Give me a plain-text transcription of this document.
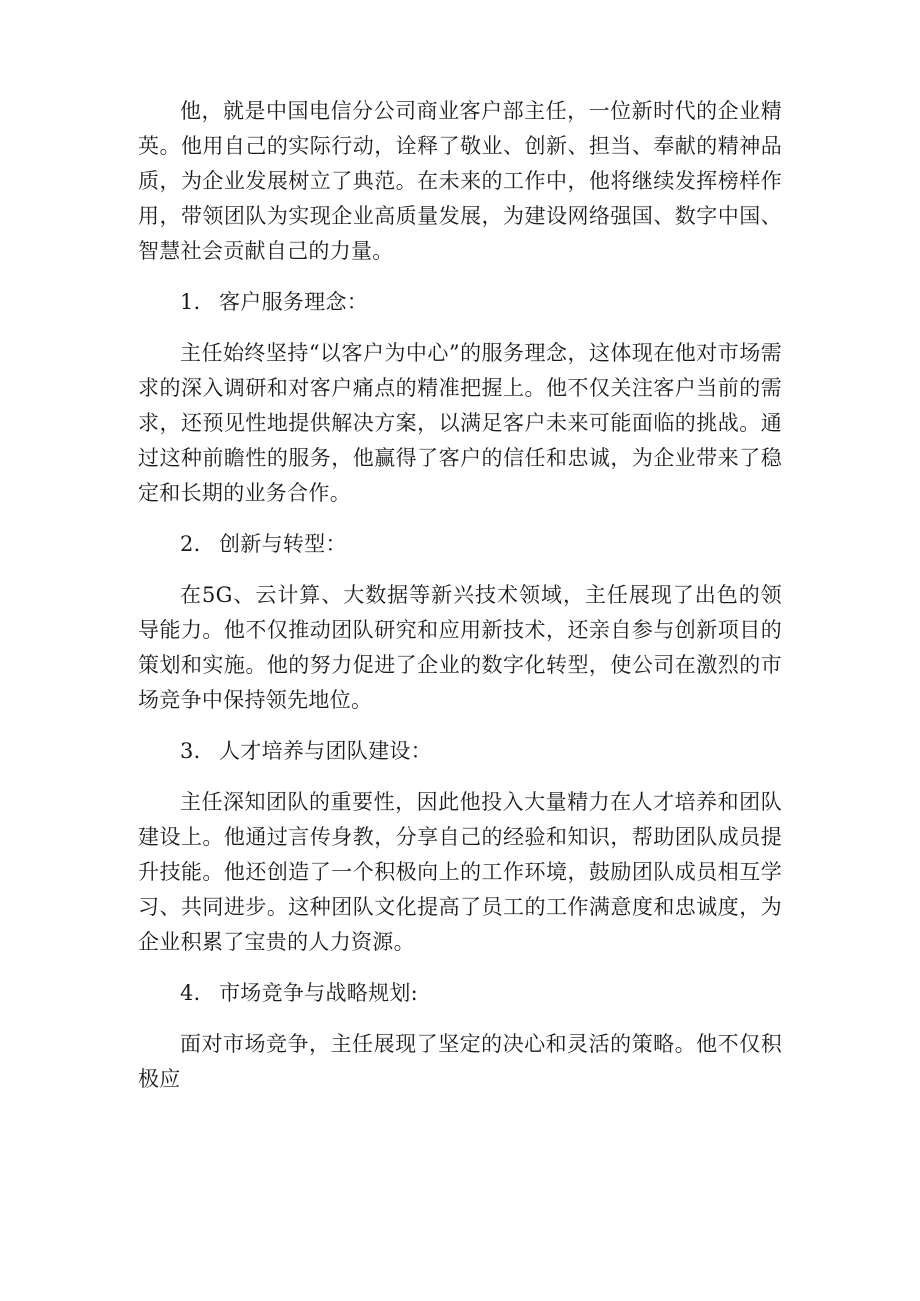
他，就是中国电信分公司商业客户部主任，一位新时代的企业精英。他用自己的实际行动，诠释了敬业、创新、担当、奉献的精神品质，为企业发展树立了典范。在未来的工作中，他将继续发挥榜样作用，带领团队为实现企业高质量发展，为建设网络强国、数字中国、智慧社会贡献自己的力量。

1． 客户服务理念：

主任始终坚持“以客户为中心”的服务理念，这体现在他对市场需求的深入调研和对客户痛点的精准把握上。他不仅关注客户当前的需求，还预见性地提供解决方案，以满足客户未来可能面临的挑战。通过这种前瞻性的服务，他赢得了客户的信任和忠诚，为企业带来了稳定和长期的业务合作。

2． 创新与转型：

在5G、云计算、大数据等新兴技术领域，主任展现了出色的领导能力。他不仅推动团队研究和应用新技术，还亲自参与创新项目的策划和实施。他的努力促进了企业的数字化转型，使公司在激烈的市场竞争中保持领先地位。

3． 人才培养与团队建设：

主任深知团队的重要性，因此他投入大量精力在人才培养和团队建设上。他通过言传身教，分享自己的经验和知识，帮助团队成员提升技能。他还创造了一个积极向上的工作环境，鼓励团队成员相互学习、共同进步。这种团队文化提高了员工的工作满意度和忠诚度，为企业积累了宝贵的人力资源。

4． 市场竞争与战略规划:

面对市场竞争，主任展现了坚定的决心和灵活的策略。他不仅积极应
